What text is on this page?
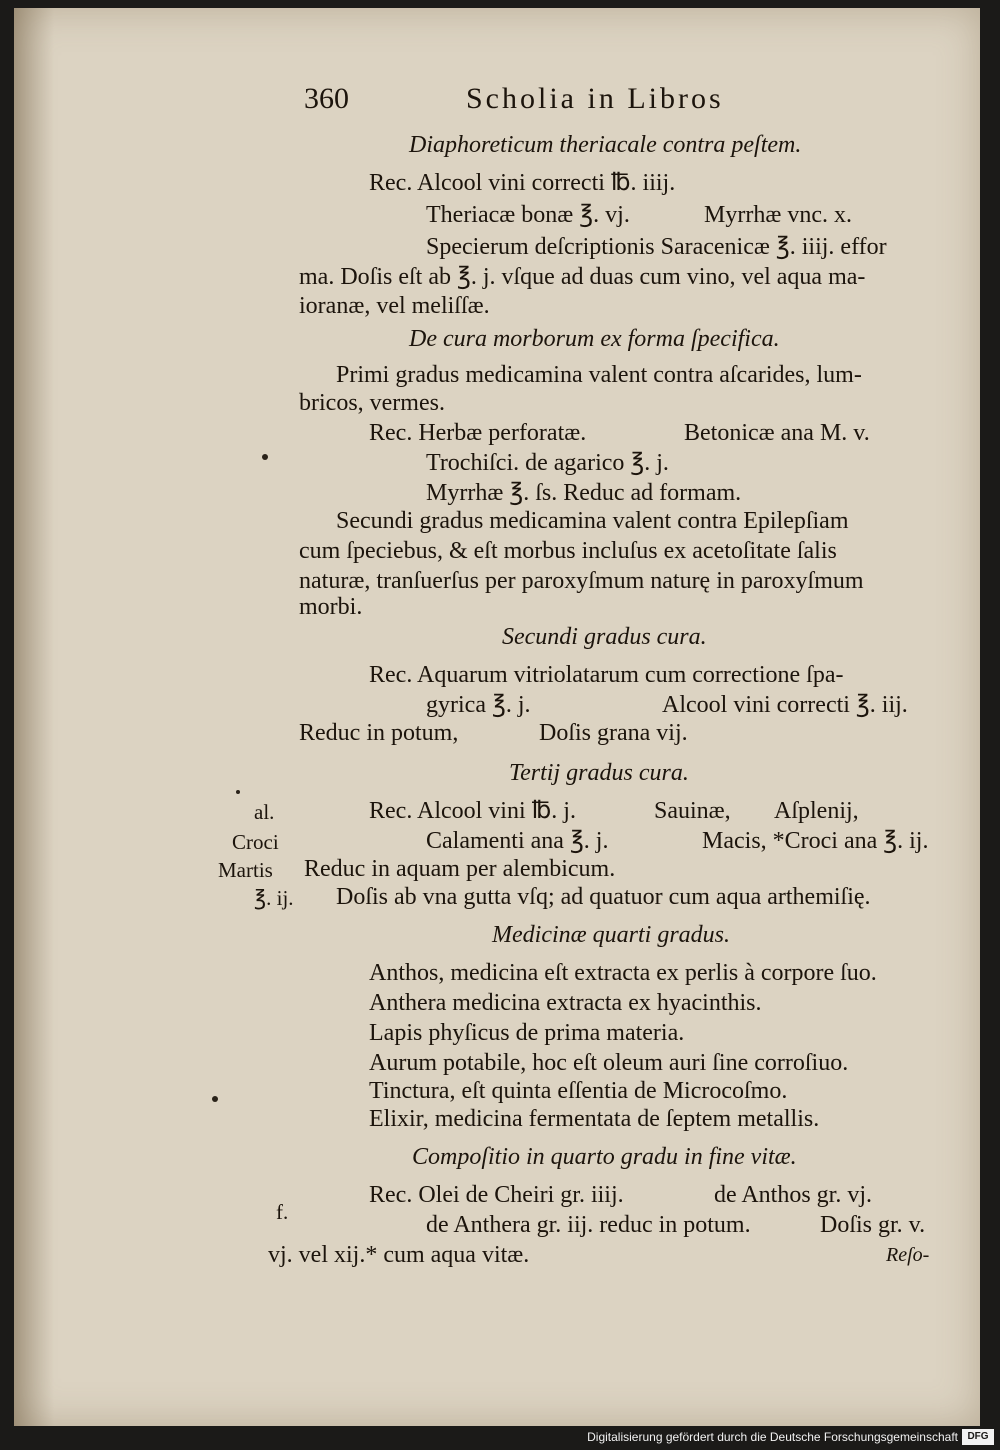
360	Scholia in Libros
Diaphoreticum theriacale contra peſtem.
Rec. Alcool vini correcti ℔. iiij.
Theriacæ bonæ ℥. vj.	Myrrhæ vnc. x.
Specierum deſcriptionis Saracenicæ ℥. iiij. effor
ma. Doſis eſt ab ℥. j. vſque ad duas cum vino, vel aqua ma-
ioranæ, vel meliſſæ.
De cura morborum ex forma ſpecifica.
Primi gradus medicamina valent contra aſcarides, lum-
bricos, vermes.
Rec. Herbæ perforatæ.	Betonicæ ana M. v.
Trochiſci. de agarico ℥. j.
Myrrhæ ℥. ſs. Reduc ad formam.
Secundi gradus medicamina valent contra Epilepſiam
cum ſpeciebus, & eſt morbus incluſus ex acetoſitate ſalis
naturæ, tranſuerſus per paroxyſmum naturę in paroxyſmum
morbi.
Secundi gradus cura.
Rec. Aquarum vitriolatarum cum correctione ſpa-
gyrica ℥. j.	Alcool vini correcti ℥. iij.
Reduc in potum,	Doſis grana vij.
Tertij gradus cura.
Rec. Alcool vini ℔. j.	Sauinæ, Aſplenij,
Calamenti ana ℥. j.	Macis, *Croci ana ℥. ij.
Reduc in aquam per alembicum.
Doſis ab vna gutta vſq; ad quatuor cum aqua arthemiſię.
Medicinæ quarti gradus.
Anthos, medicina eſt extracta ex perlis à corpore ſuo.
Anthera medicina extracta ex hyacinthis.
Lapis phyſicus de prima materia.
Aurum potabile, hoc eſt oleum auri ſine corroſiuo.
Tinctura, eſt quinta eſſentia de Microcoſmo.
Elixir, medicina fermentata de ſeptem metallis.
Compoſitio in quarto gradu in fine vitæ.
Rec. Olei de Cheiri gr. iiij.	de Anthos gr. vj.
de Anthera gr. iij. reduc in potum.	Doſis gr. v.
vj. vel xij.* cum aqua vitæ.	Reſo-
al.
Croci
Martis
℥. ij.
f.
Digitalisierung gefördert durch die Deutsche Forschungsgemeinschaft DFG
